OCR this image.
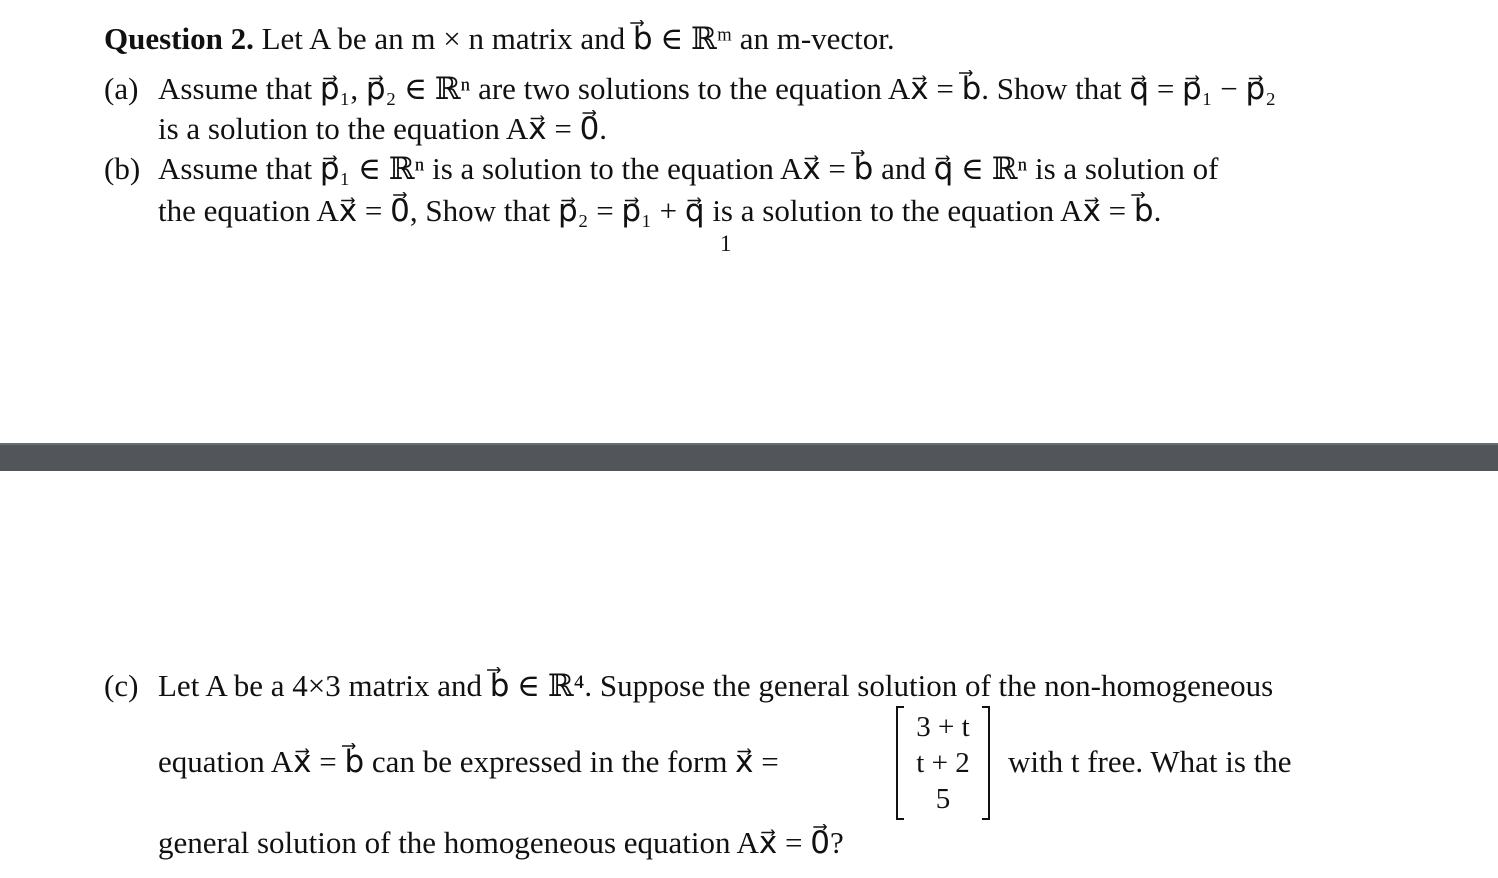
Question 2. Let A be an m × n matrix and b⃗ ∈ ℝᵐ an m-vector.
(a) Assume that p⃗₁, p⃗₂ ∈ ℝⁿ are two solutions to the equation Ax⃗ = b⃗. Show that q⃗ = p⃗₁ − p⃗₂
is a solution to the equation Ax⃗ = 0⃗.
(b) Assume that p⃗₁ ∈ ℝⁿ is a solution to the equation Ax⃗ = b⃗ and q⃗ ∈ ℝⁿ is a solution of
the equation Ax⃗ = 0⃗, Show that p⃗₂ = p⃗₁ + q⃗ is a solution to the equation Ax⃗ = b⃗.
1
(c) Let A be a 4×3 matrix and b⃗ ∈ ℝ⁴. Suppose the general solution of the non-homogeneous
equation Ax⃗ = b⃗ can be expressed in the form x⃗ =
3 + t
t + 2
5
with t free. What is the
general solution of the homogeneous equation Ax⃗ = 0⃗?
